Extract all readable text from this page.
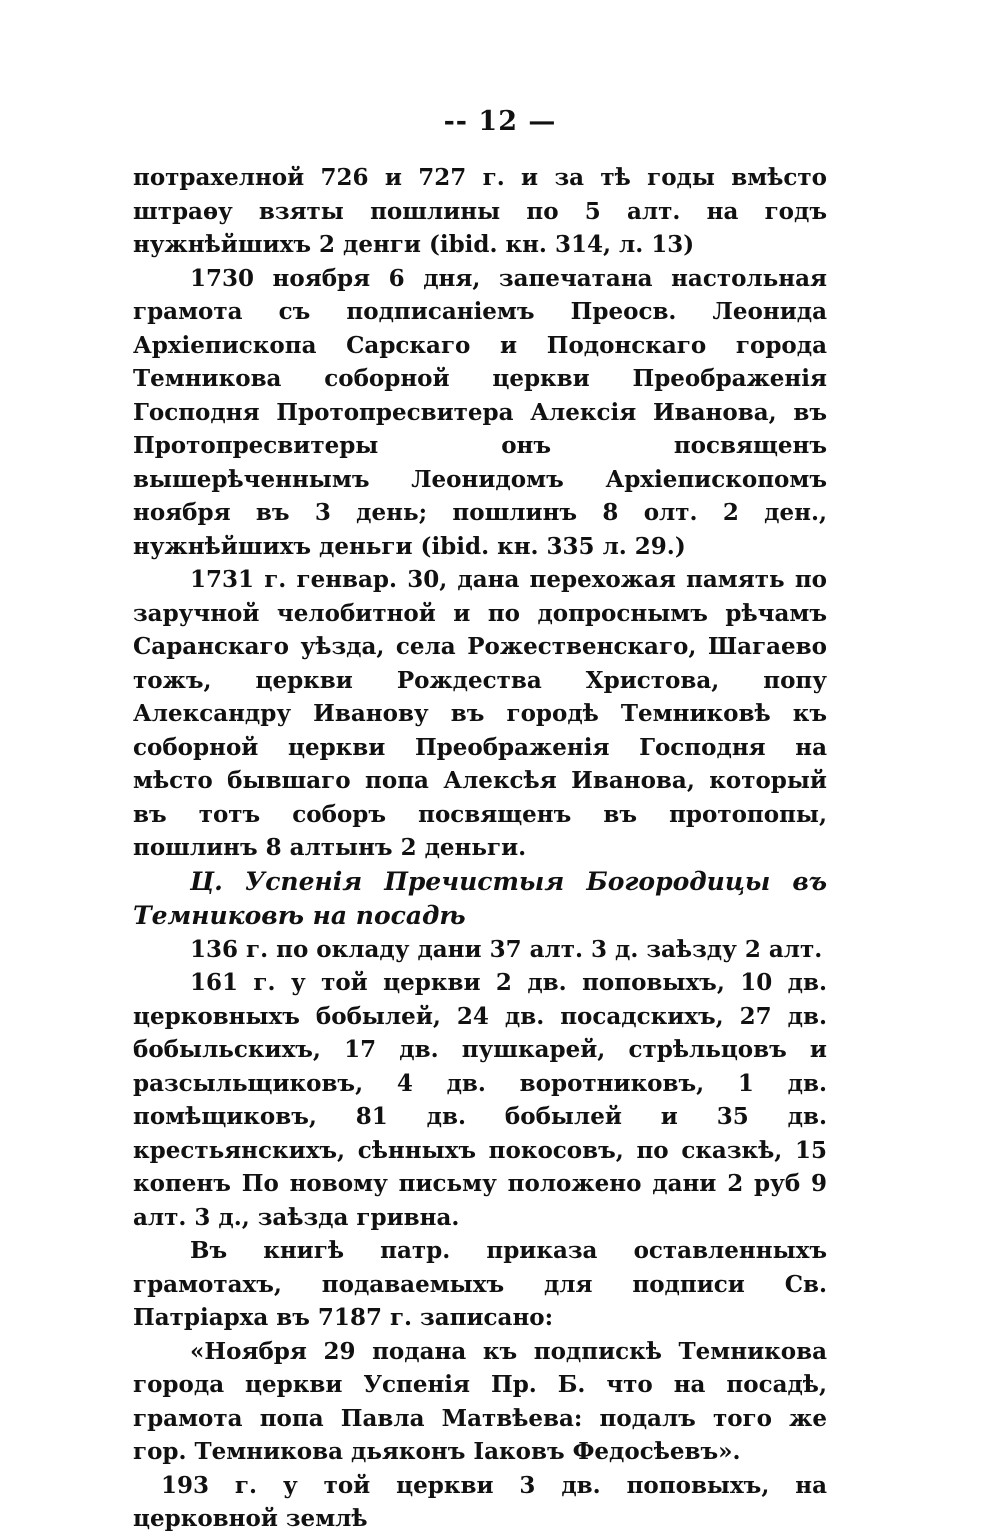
-- 12 —

потрахелной 726 и 727 г. и за тѣ годы вмѣсто штраѳу взяты пошлины по 5 алт. на годъ нужнѣйшихъ 2 денги (ibid. кн. 314, л. 13)

1730 ноября 6 дня, запечатана настольная грамота съ подписаніемъ Преосв. Леонида Архіепископа Сарскаго и Подонскаго города Темникова соборной церкви Преображенія Господня Протопресвитера Алексія Иванова, въ Протопресвитеры онъ посвященъ вышерѣченнымъ Леонидомъ Архіепископомъ ноября въ 3 день; пошлинъ 8 олт. 2 ден., нужнѣйшихъ деньги (ibid. кн. 335 л. 29.)

1731 г. генвар. 30, дана перехожая память по заручной челобитной и по допроснымъ рѣчамъ Саранскаго уѣзда, села Рожественскаго, Шагаево тожъ, церкви Рождества Христова, попу Александру Иванову въ городѣ Темниковѣ къ соборной церкви Преображенія Господня на мѣсто бывшаго попа Алексѣя Иванова, который въ тотъ соборъ посвященъ въ протопопы, пошлинъ 8 алтынъ 2 деньги.

Ц. Успенія Пречистыя Богородицы въ Темниковѣ на посадѣ

136 г. по окладу дани 37 алт. 3 д. заѣзду 2 алт.

161 г. у той церкви 2 дв. поповыхъ, 10 дв. церковныхъ бобылей, 24 дв. посадскихъ, 27 дв. бобыльскихъ, 17 дв. пушкарей, стрѣльцовъ и разсыльщиковъ, 4 дв. воротниковъ, 1 дв. помѣщиковъ, 81 дв. бобылей и 35 дв. крестьянскихъ, сѣнныхъ покосовъ, по сказкѣ, 15 копенъ По новому письму положено дани 2 руб 9 алт. 3 д., заѣзда гривна.

Въ книгѣ патр. приказа оставленныхъ грамотахъ, подаваемыхъ для подписи Св. Патріарха въ 7187 г. записано:

«Ноября 29 подана къ подпискѣ Темникова города церкви Успенія Пр. Б. что на посадѣ, грамота попа Павла Матвѣева: подалъ того же гор. Темникова дьяконъ Іаковъ Федосѣевъ».

193 г. у той церкви 3 дв. поповыхъ, на церковной землѣ
